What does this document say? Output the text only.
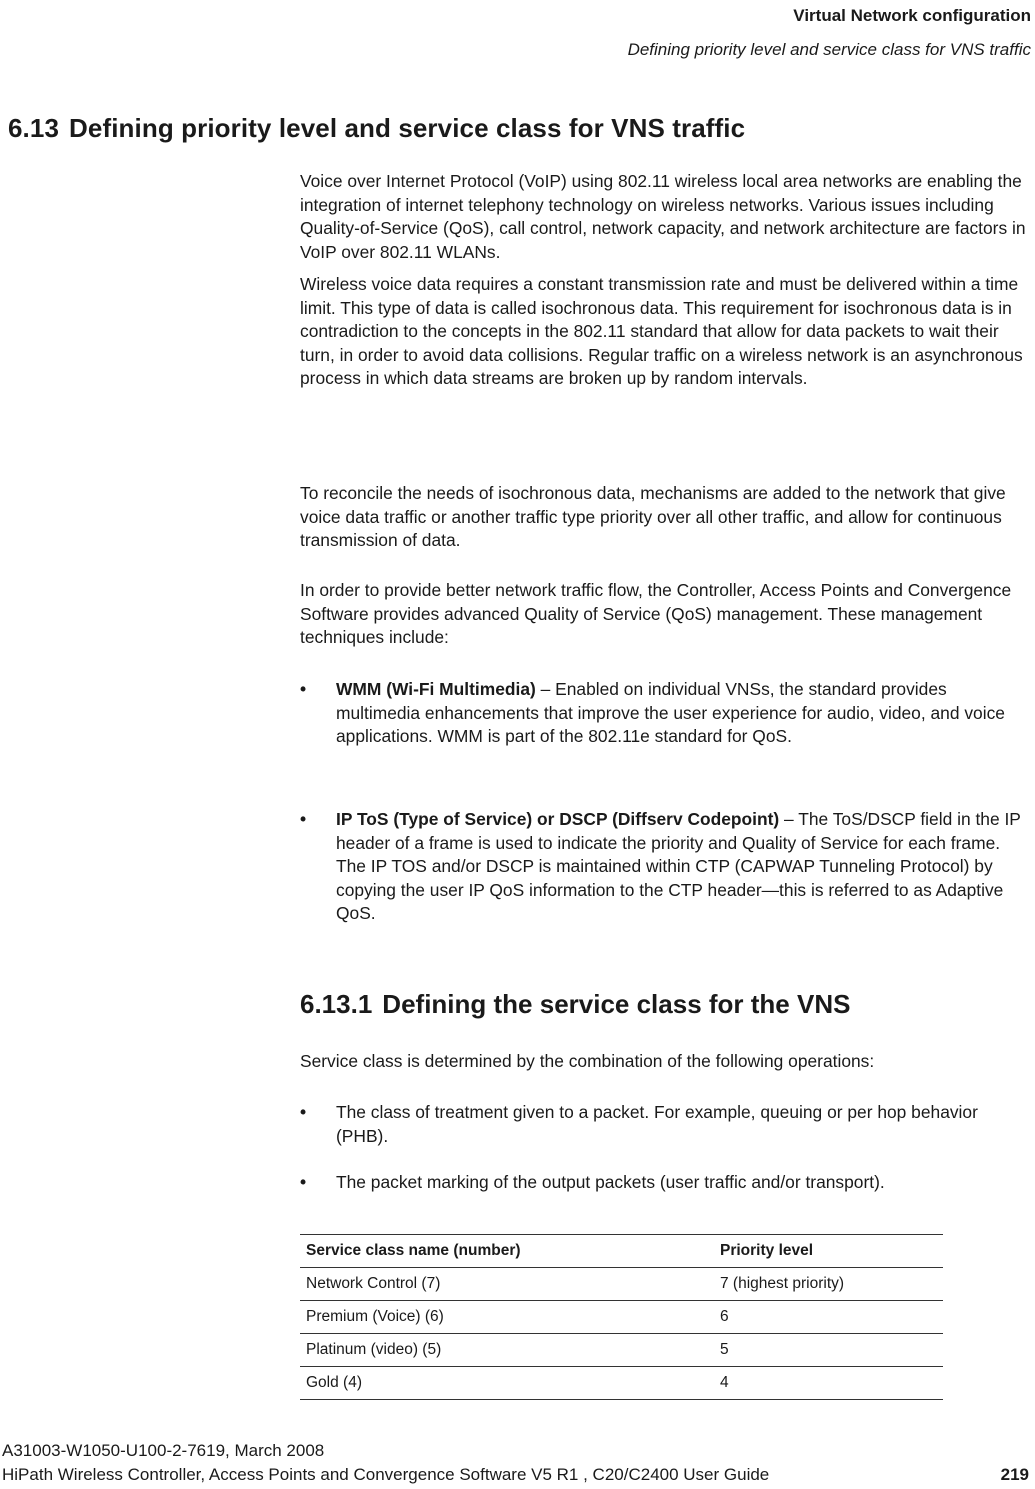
Virtual Network configuration
Defining priority level and service class for VNS traffic
6.13 Defining priority level and service class for VNS traffic

Voice over Internet Protocol (VoIP) using 802.11 wireless local area networks are enabling the integration of internet telephony technology on wireless networks. Various issues including Quality-of-Service (QoS), call control, network capacity, and network architecture are factors in VoIP over 802.11 WLANs.

Wireless voice data requires a constant transmission rate and must be delivered within a time limit. This type of data is called isochronous data. This requirement for isochronous data is in contradiction to the concepts in the 802.11 standard that allow for data packets to wait their turn, in order to avoid data collisions. Regular traffic on a wireless network is an asynchronous process in which data streams are broken up by random intervals.

To reconcile the needs of isochronous data, mechanisms are added to the network that give voice data traffic or another traffic type priority over all other traffic, and allow for continuous transmission of data.

In order to provide better network traffic flow, the Controller, Access Points and Convergence Software provides advanced Quality of Service (QoS) management. These management techniques include:

• WMM (Wi-Fi Multimedia) – Enabled on individual VNSs, the standard provides multimedia enhancements that improve the user experience for audio, video, and voice applications. WMM is part of the 802.11e standard for QoS.
• IP ToS (Type of Service) or DSCP (Diffserv Codepoint) – The ToS/DSCP field in the IP header of a frame is used to indicate the priority and Quality of Service for each frame. The IP TOS and/or DSCP is maintained within CTP (CAPWAP Tunneling Protocol) by copying the user IP QoS information to the CTP header—this is referred to as Adaptive QoS.
6.13.1 Defining the service class for the VNS

Service class is determined by the combination of the following operations:

• The class of treatment given to a packet. For example, queuing or per hop behavior (PHB).
• The packet marking of the output packets (user traffic and/or transport).
Service class name (number)	Priority level
Network Control (7)	7 (highest priority)
Premium (Voice) (6)	6
Platinum (video) (5)	5
Gold (4)	4
A31003-W1050-U100-2-7619, March 2008
HiPath Wireless Controller, Access Points and Convergence Software V5 R1 , C20/C2400 User Guide	219
